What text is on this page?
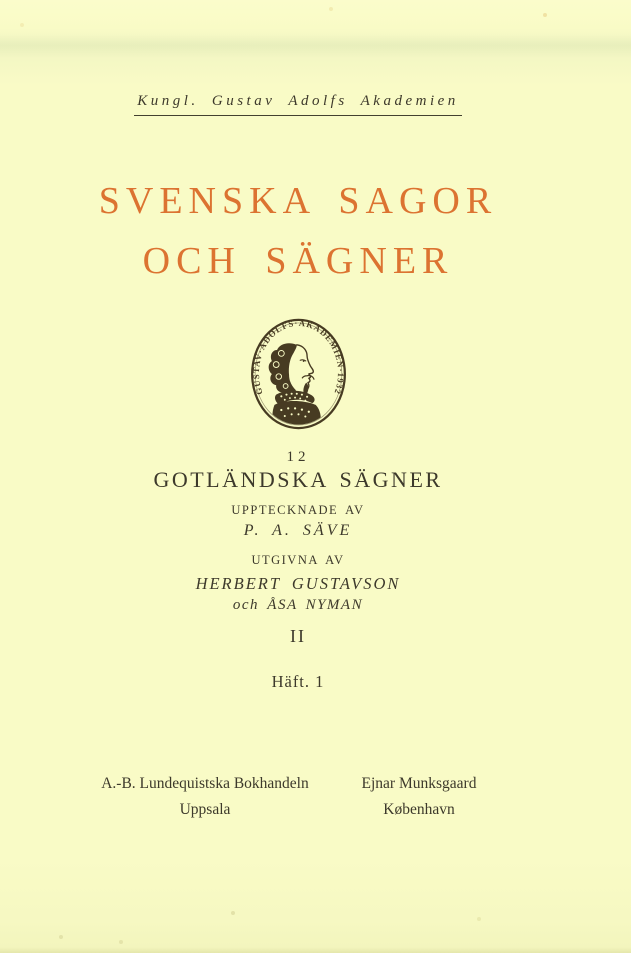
Kungl. Gustav Adolfs Akademien
SVENSKA SAGOR
OCH SÄGNER
GUSTAV·ADOLFS·AKADEMIEN·1932
12
GOTLÄNDSKA SÄGNER
UPPTECKNADE AV
P. A. SÄVE
UTGIVNA AV
HERBERT GUSTAVSON
och ÅSA NYMAN
II
Häft. 1
A.-B. Lundequistska Bokhandeln
Uppsala
Ejnar Munksgaard
København
